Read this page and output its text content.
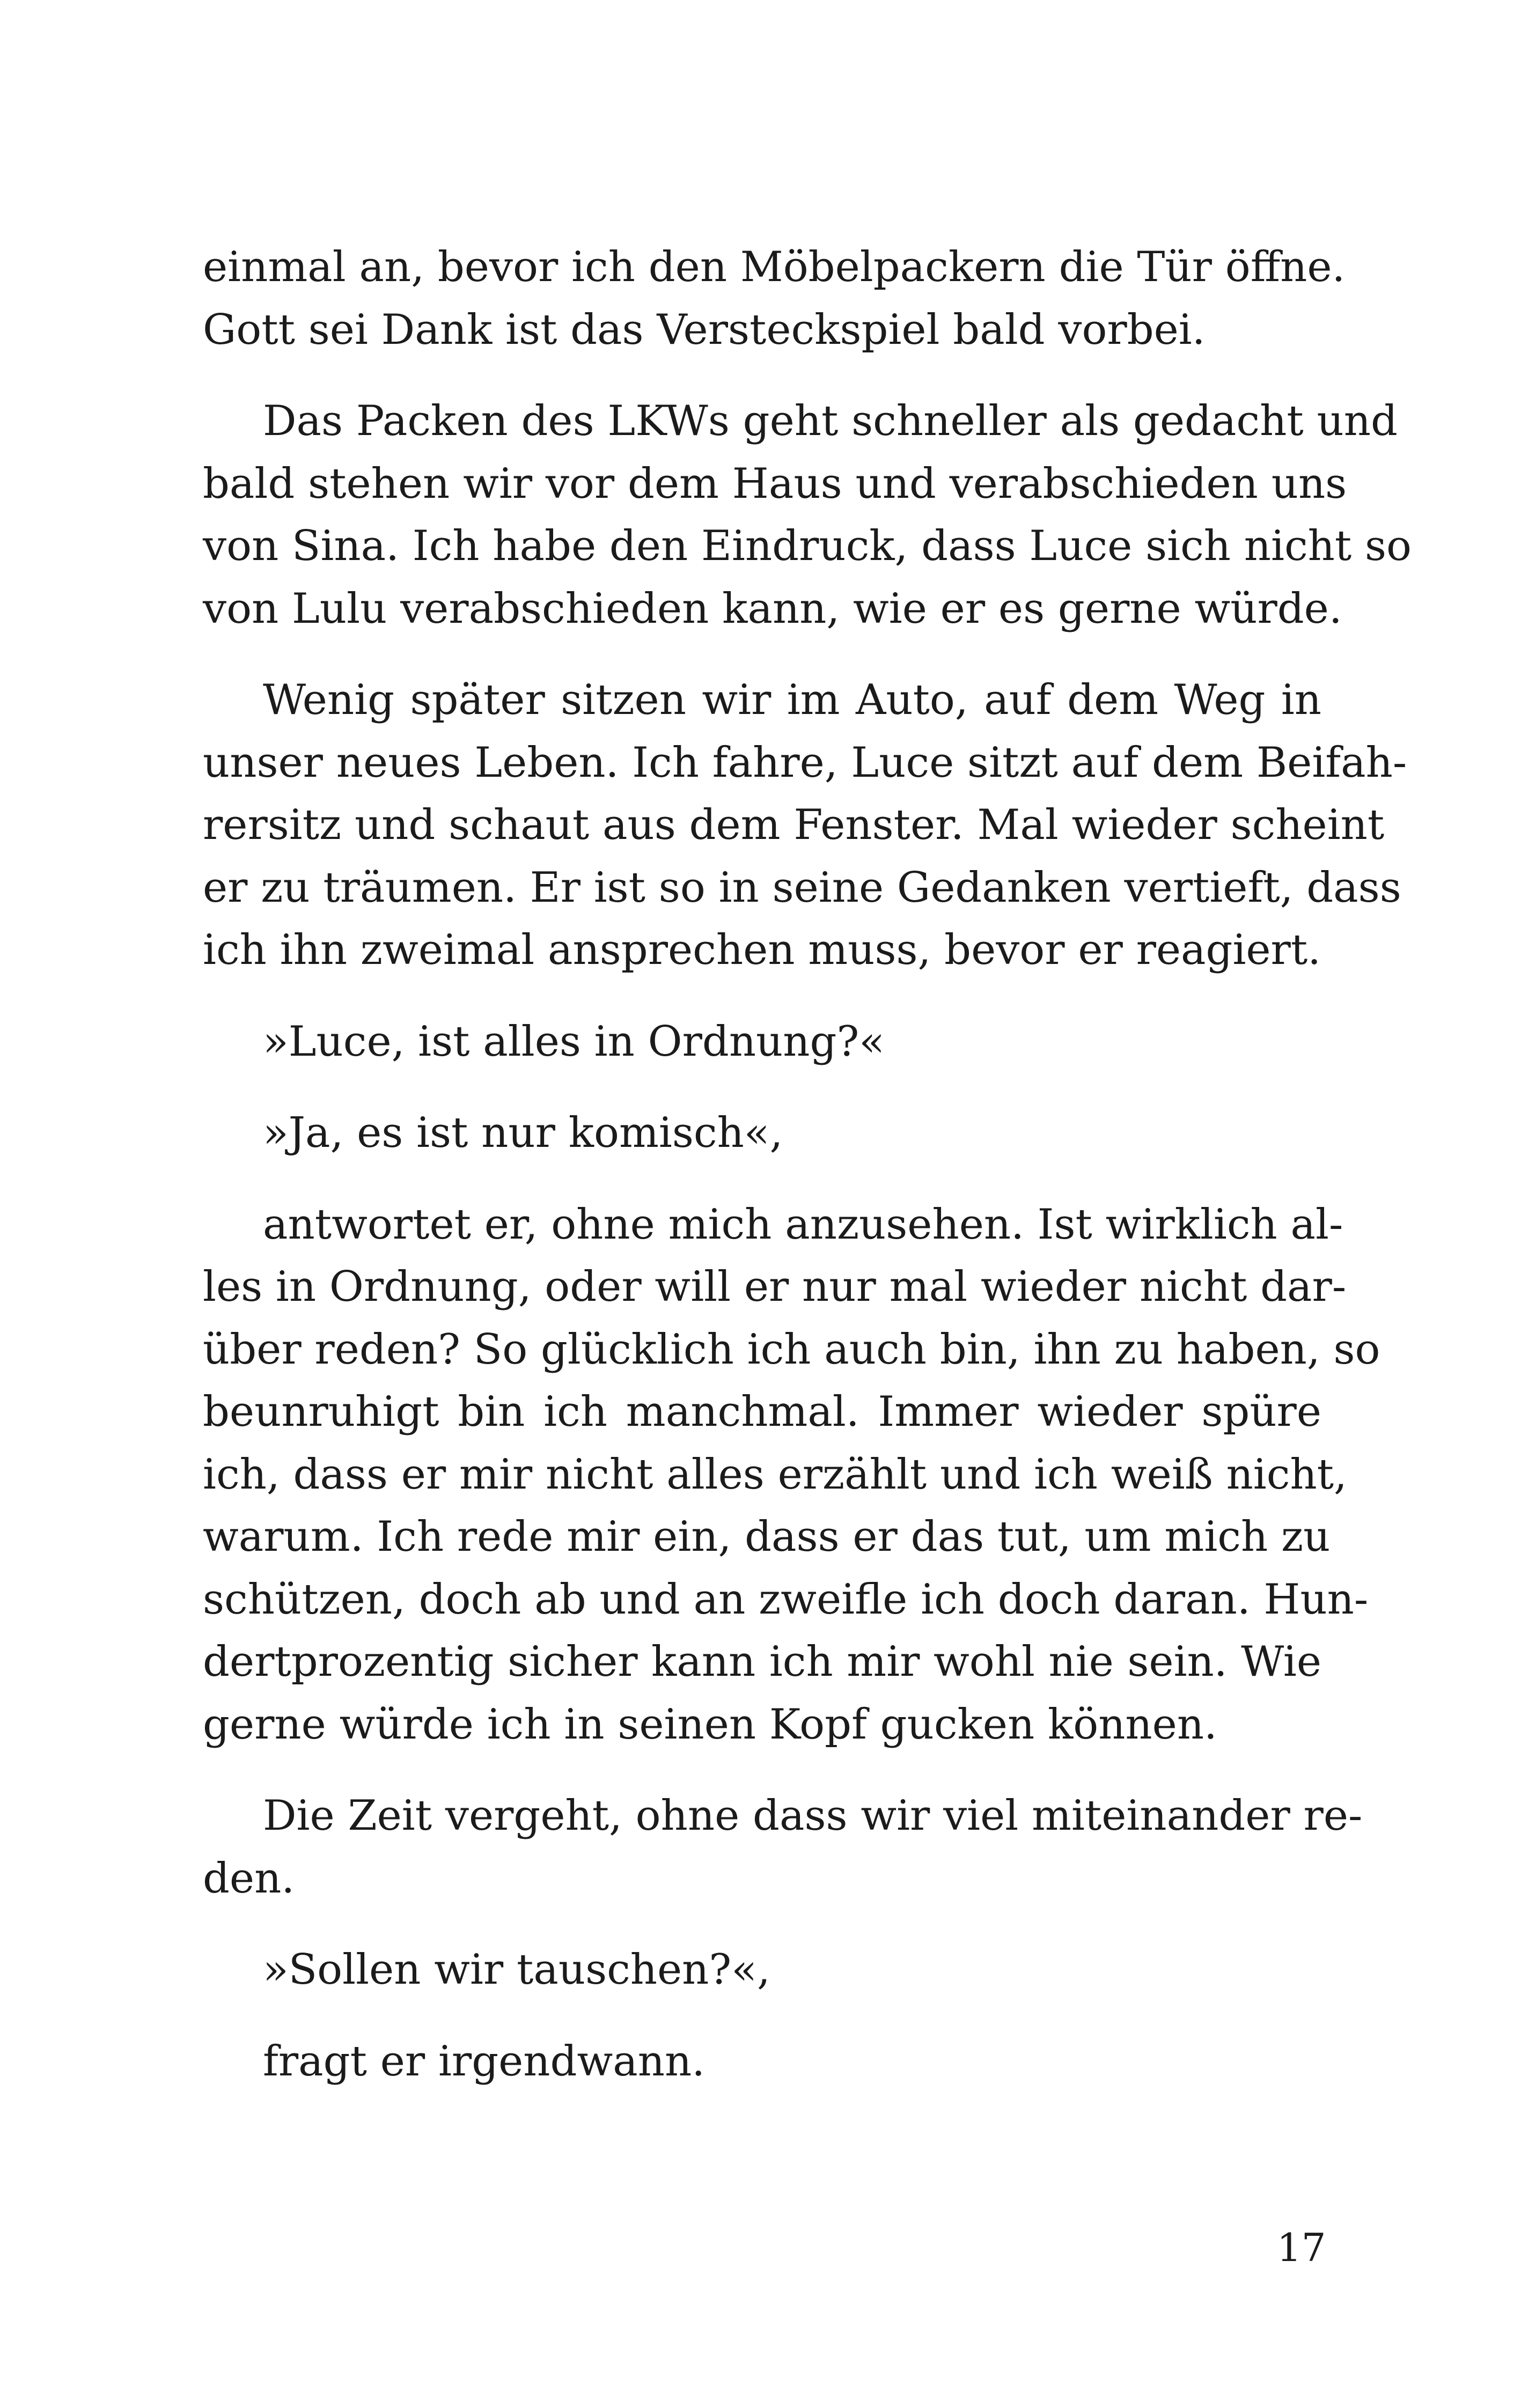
einmal an, bevor ich den Möbelpackern die Tür öffne.
Gott sei Dank ist das Versteckspiel bald vorbei.
Das Packen des LKWs geht schneller als gedacht und
bald stehen wir vor dem Haus und verabschieden uns
von Sina. Ich habe den Eindruck, dass Luce sich nicht so
von Lulu verabschieden kann, wie er es gerne würde.
Wenig später sitzen wir im Auto, auf dem Weg in
unser neues Leben. Ich fahre, Luce sitzt auf dem Beifah-
rersitz und schaut aus dem Fenster. Mal wieder scheint
er zu träumen. Er ist so in seine Gedanken vertieft, dass
ich ihn zweimal ansprechen muss, bevor er reagiert.
»Luce, ist alles in Ordnung?«
»Ja, es ist nur komisch«,
antwortet er, ohne mich anzusehen. Ist wirklich al-
les in Ordnung, oder will er nur mal wieder nicht dar-
über reden? So glücklich ich auch bin, ihn zu haben, so
beunruhigt bin ich manchmal. Immer wieder spüre
ich, dass er mir nicht alles erzählt und ich weiß nicht,
warum. Ich rede mir ein, dass er das tut, um mich zu
schützen, doch ab und an zweifle ich doch daran. Hun-
dertprozentig sicher kann ich mir wohl nie sein. Wie
gerne würde ich in seinen Kopf gucken können.
Die Zeit vergeht, ohne dass wir viel miteinander re-
den.
»Sollen wir tauschen?«,
fragt er irgendwann.
17
